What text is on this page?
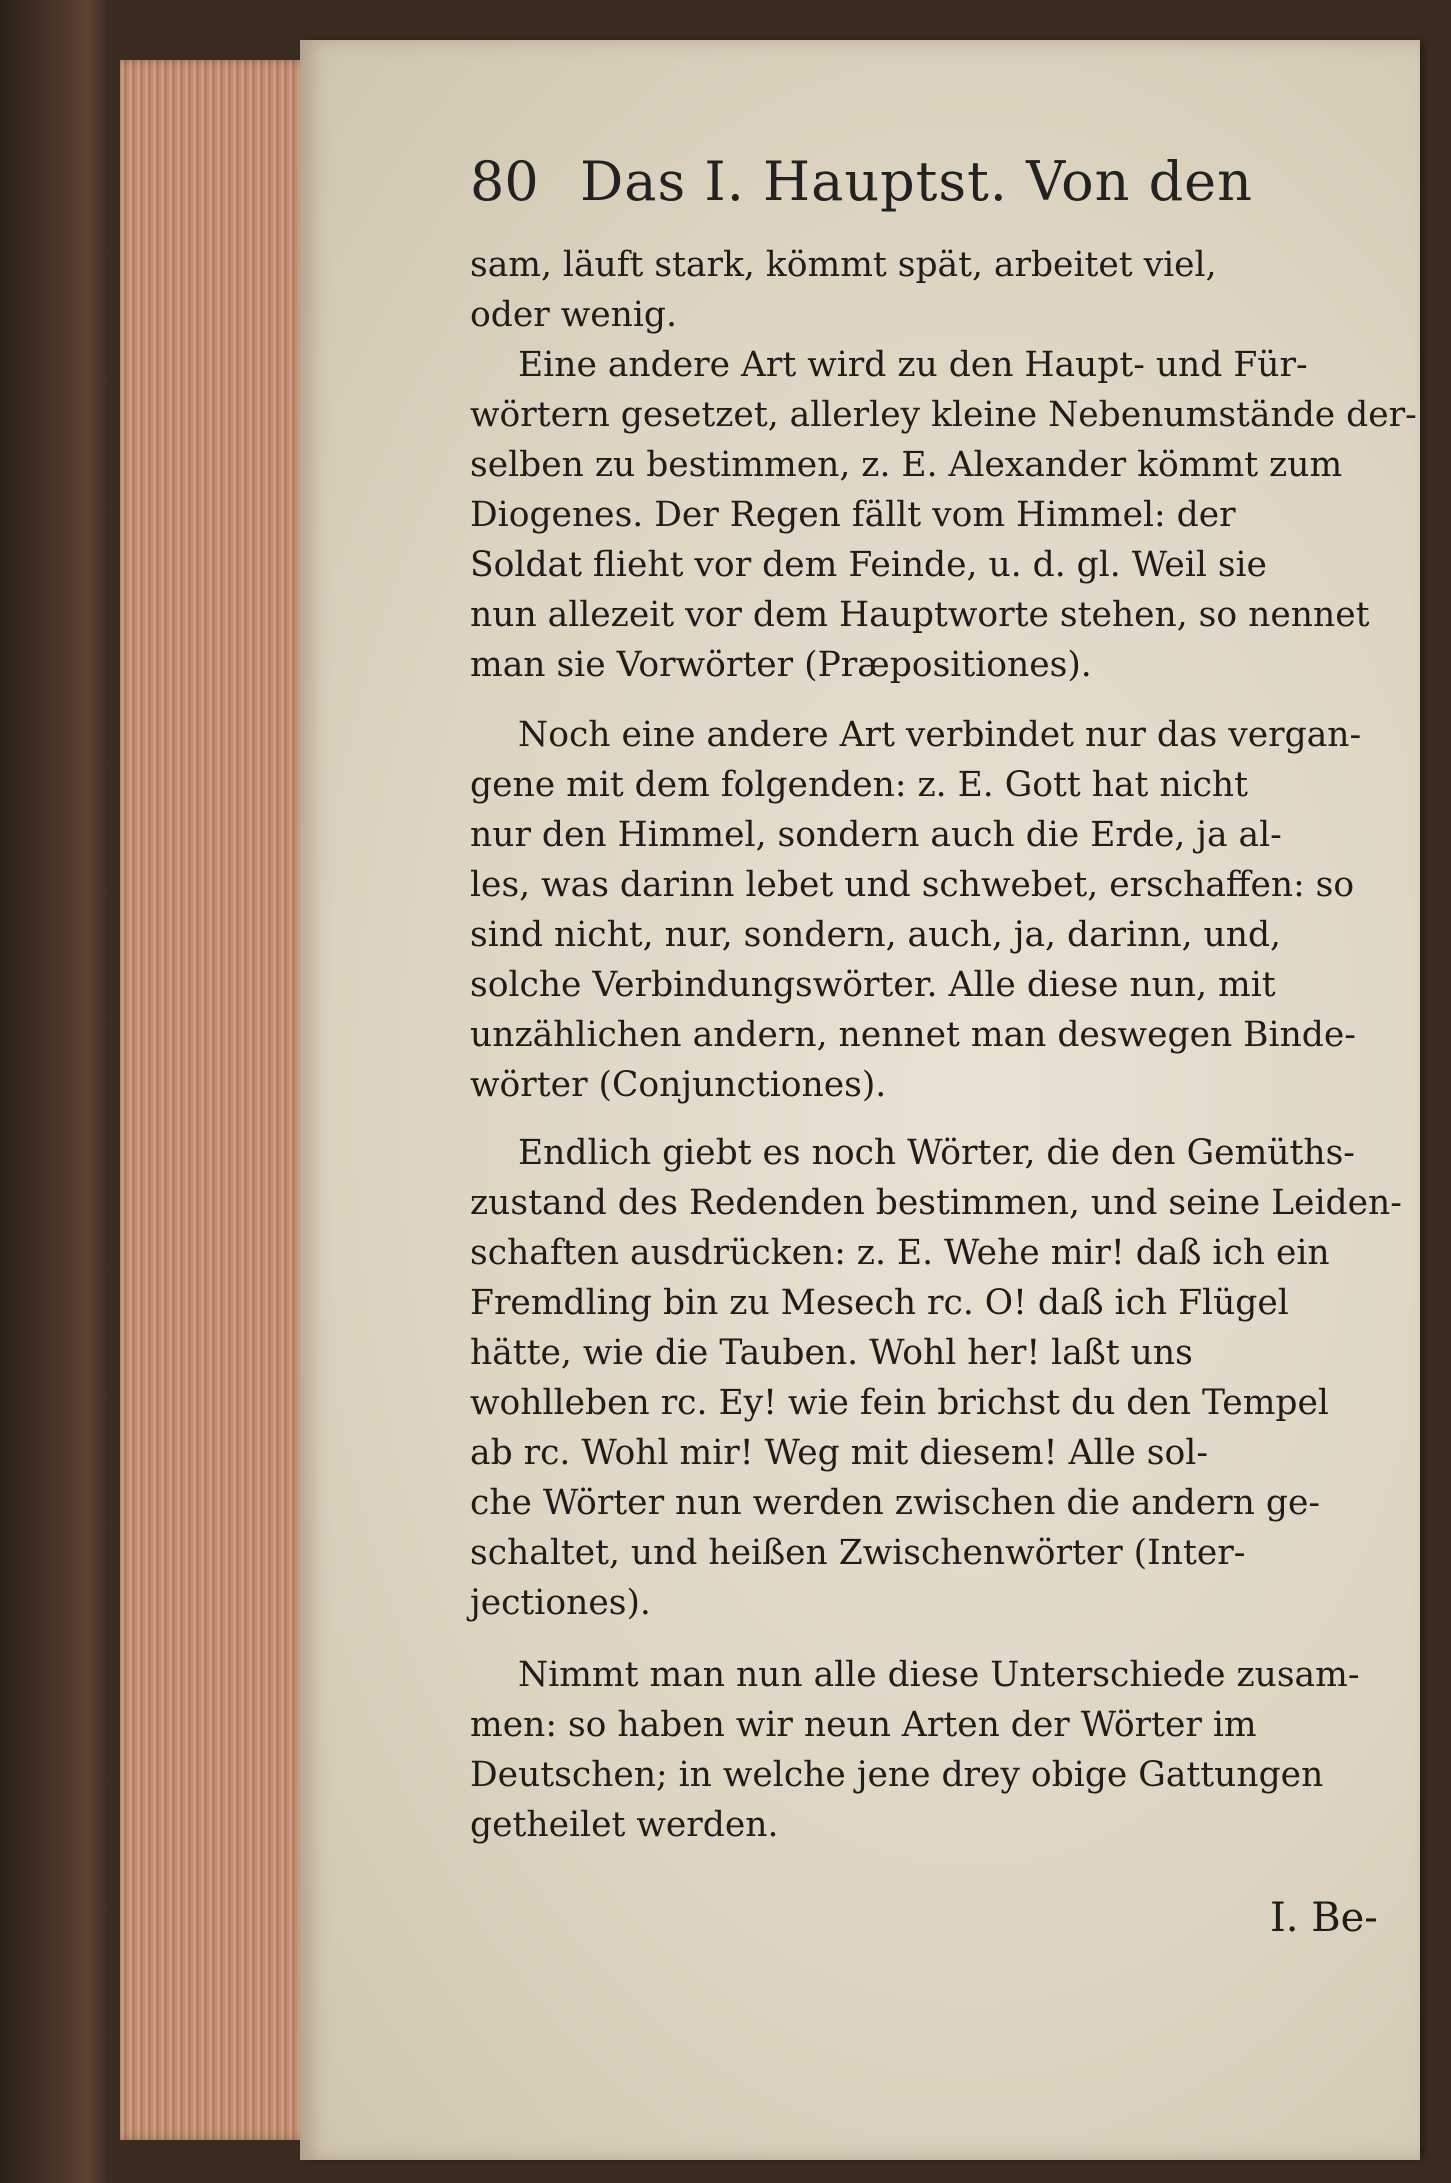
80 Das I. Hauptst. Von den
sam, läuft stark, kömmt spät, arbeitet viel,
oder wenig.
Eine andere Art wird zu den Haupt- und Für-
wörtern gesetzet, allerley kleine Nebenumstände der-
selben zu bestimmen, z. E. Alexander kömmt zum
Diogenes. Der Regen fällt vom Himmel: der
Soldat flieht vor dem Feinde, u. d. gl. Weil sie
nun allezeit vor dem Hauptworte stehen, so nennet
man sie Vorwörter (Præpositiones).
Noch eine andere Art verbindet nur das vergan-
gene mit dem folgenden: z. E. Gott hat nicht
nur den Himmel, sondern auch die Erde, ja al-
les, was darinn lebet und schwebet, erschaffen: so
sind nicht, nur, sondern, auch, ja, darinn, und,
solche Verbindungswörter. Alle diese nun, mit
unzählichen andern, nennet man deswegen Binde-
wörter (Conjunctiones).
Endlich giebt es noch Wörter, die den Gemüths-
zustand des Redenden bestimmen, und seine Leiden-
schaften ausdrücken: z. E. Wehe mir! daß ich ein
Fremdling bin zu Mesech rc. O! daß ich Flügel
hätte, wie die Tauben. Wohl her! laßt uns
wohlleben rc. Ey! wie fein brichst du den Tempel
ab rc. Wohl mir! Weg mit diesem! Alle sol-
che Wörter nun werden zwischen die andern ge-
schaltet, und heißen Zwischenwörter (Inter-
jectiones).
Nimmt man nun alle diese Unterschiede zusam-
men: so haben wir neun Arten der Wörter im
Deutschen; in welche jene drey obige Gattungen
getheilet werden.
I. Be-
